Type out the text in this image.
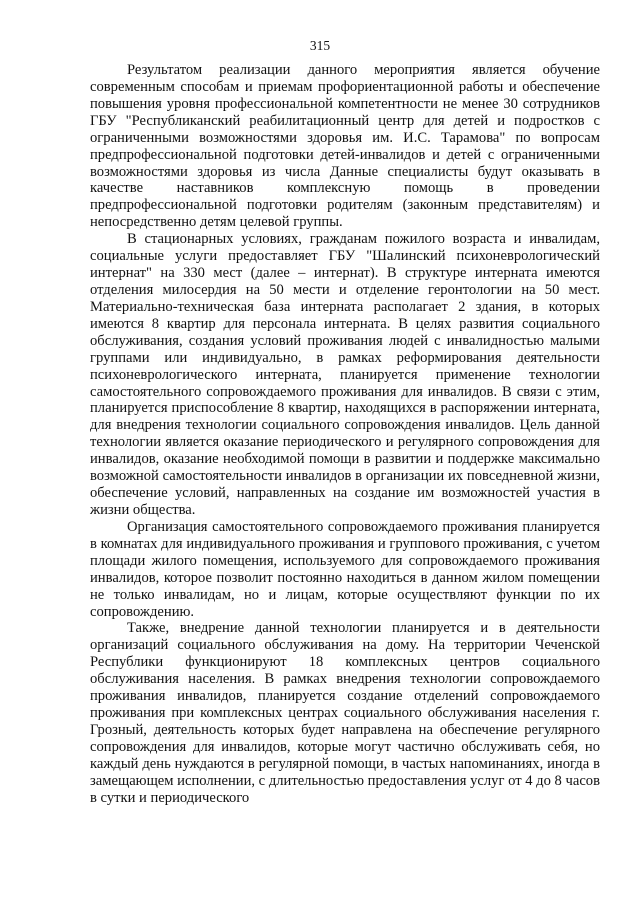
315

Результатом реализации данного мероприятия является обучение современным способам и приемам профориентационной работы и обеспечение повышения уровня профессиональной компетентности не менее 30 сотрудников ГБУ "Республиканский реабилитационный центр для детей и подростков с ограниченными возможностями здоровья им. И.С. Тарамова" по вопросам предпрофессиональной подготовки детей-инвалидов и детей с ограниченными возможностями здоровья из числа Данные специалисты будут оказывать в качестве наставников комплексную помощь в проведении предпрофессиональной подготовки родителям (законным представителям) и непосредственно детям целевой группы.

В стационарных условиях, гражданам пожилого возраста и инвалидам, социальные услуги предоставляет ГБУ "Шалинский психоневрологический интернат" на 330 мест (далее – интернат). В структуре интерната имеются отделения милосердия на 50 мести и отделение геронтологии на 50 мест. Материально-техническая база интерната располагает 2 здания, в которых имеются 8 квартир для персонала интерната. В целях развития социального обслуживания, создания условий проживания людей с инвалидностью малыми группами или индивидуально, в рамках реформирования деятельности психоневрологического интерната, планируется применение технологии самостоятельного сопровождаемого проживания для инвалидов. В связи с этим, планируется приспособление 8 квартир, находящихся в распоряжении интерната, для внедрения технологии социального сопровождения инвалидов. Цель данной технологии является оказание периодического и регулярного сопровождения для инвалидов, оказание необходимой помощи в развитии и поддержке максимально возможной самостоятельности инвалидов в организации их повседневной жизни, обеспечение условий, направленных на создание им возможностей участия в жизни общества.

Организация самостоятельного сопровождаемого проживания планируется в комнатах для индивидуального проживания и группового проживания, с учетом площади жилого помещения, используемого для сопровождаемого проживания инвалидов, которое позволит постоянно находиться в данном жилом помещении не только инвалидам, но и лицам, которые осуществляют функции по их сопровождению.

Также, внедрение данной технологии планируется и в деятельности организаций социального обслуживания на дому. На территории Чеченской Республики функционируют 18 комплексных центров социального обслуживания населения. В рамках внедрения технологии сопровождаемого проживания инвалидов, планируется создание отделений сопровождаемого проживания при комплексных центрах социального обслуживания населения г. Грозный, деятельность которых будет направлена на обеспечение регулярного сопровождения для инвалидов, которые могут частично обслуживать себя, но каждый день нуждаются в регулярной помощи, в частых напоминаниях, иногда в замещающем исполнении, с длительностью предоставления услуг от 4 до 8 часов в сутки и периодического
